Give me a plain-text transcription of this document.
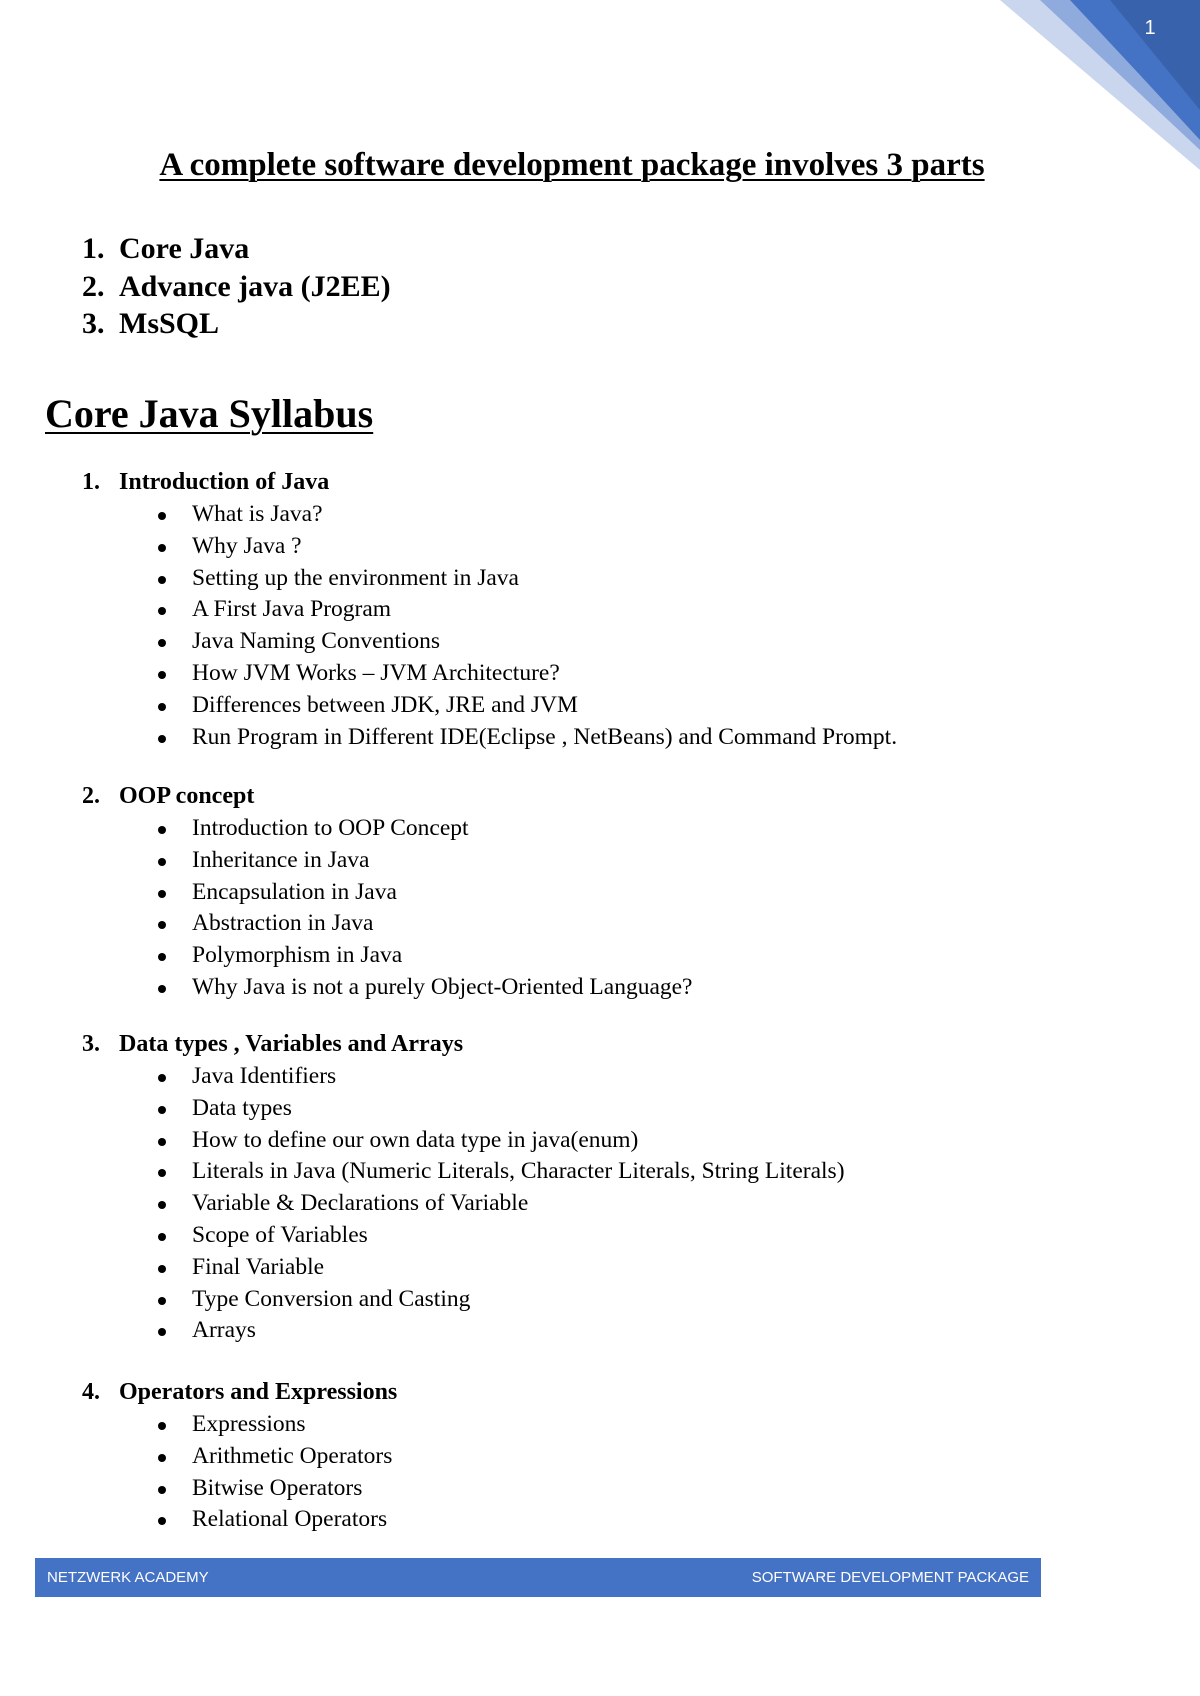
1
A complete software development package involves 3 parts
1. Core Java
2. Advance java (J2EE)
3. MsSQL
Core Java Syllabus
1. Introduction of Java
What is Java?
Why Java ?
Setting up the environment in Java
A First Java Program
Java Naming Conventions
How JVM Works – JVM Architecture?
Differences between JDK, JRE and JVM
Run Program in Different IDE(Eclipse , NetBeans) and Command Prompt.
2. OOP concept
Introduction to OOP Concept
Inheritance in Java
Encapsulation in Java
Abstraction in Java
Polymorphism in Java
Why Java is not a purely Object-Oriented Language?
3. Data types , Variables and Arrays
Java Identifiers
Data types
How to define our own data type in java(enum)
Literals in Java (Numeric Literals, Character Literals, String Literals)
Variable & Declarations of Variable
Scope of Variables
Final Variable
Type Conversion and Casting
Arrays
4. Operators and Expressions
Expressions
Arithmetic Operators
Bitwise Operators
Relational Operators
NETZWERK ACADEMY	SOFTWARE DEVELOPMENT PACKAGE
